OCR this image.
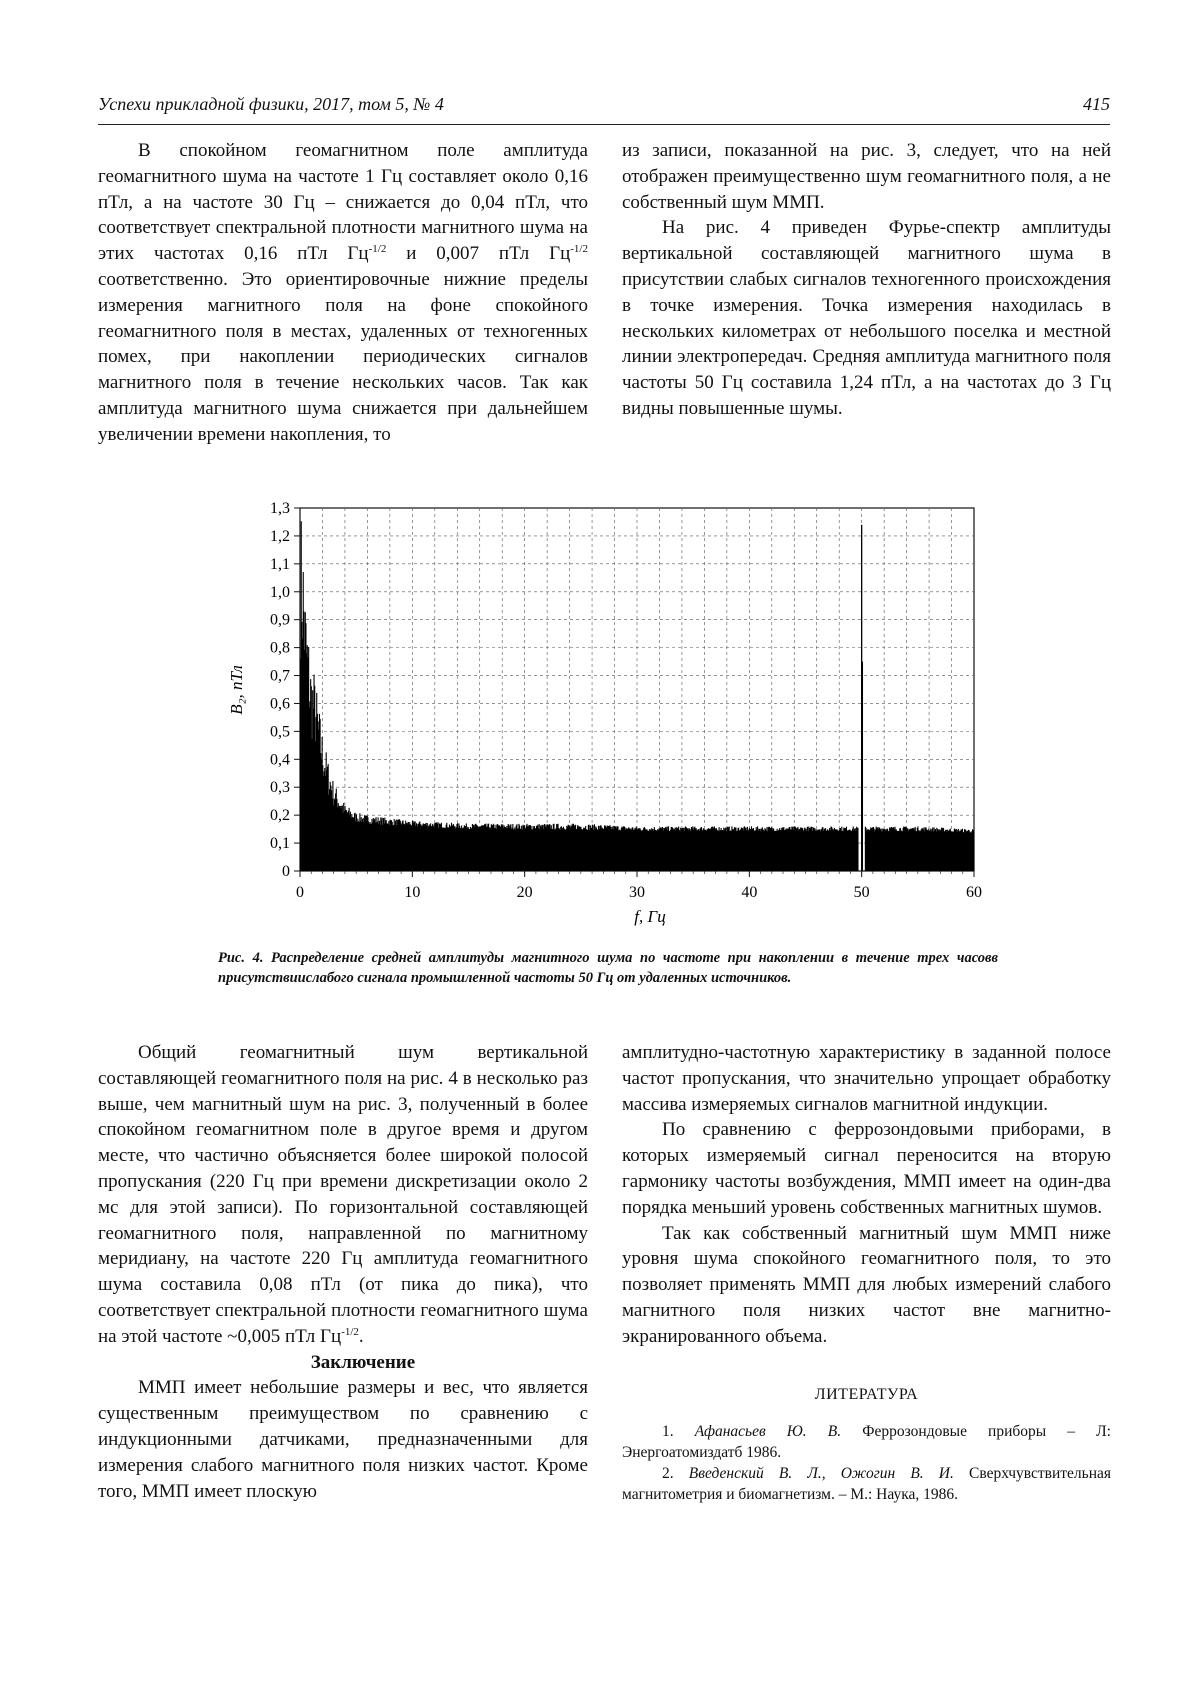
Успехи прикладной физики, 2017, том 5, № 4	415

В спокойном геомагнитном поле амплитуда геомагнитного шума на частоте 1 Гц составляет около 0,16 пТл, а на частоте 30 Гц – снижается до 0,04 пТл, что соответствует спектральной плотности магнитного шума на этих частотах 0,16 пТл $Гц^{-1/2}$ и 0,007 пТл $Гц^{-1/2}$ соответственно. Это ориентировочные нижние пределы измерения магнитного поля на фоне спокойного геомагнитного поля в местах, удаленных от техногенных помех, при накоплении периодических сигналов магнитного поля в течение нескольких часов. Так как амплитуда магнитного шума снижается при дальнейшем увеличении времени накопления, то

из записи, показанной на рис. 3, следует, что на ней отображен преимущественно шум геомагнитного поля, а не собственный шум ММП.

На рис. 4 приведен Фурье-спектр амплитуды вертикальной составляющей магнитного шума в присутствии слабых сигналов техногенного происхождения в точке измерения. Точка измерения находилась в нескольких километрах от небольшого поселка и местной линии электропередач. Средняя амплитуда магнитного поля частоты 50 Гц составила 1,24 пТл, а на частотах до 3 Гц видны повышенные шумы.

0	10	20	30	40	50	60
0
0,1
0,2
0,3
0,4
0,5
0,6
0,7
0,8
0,9
1,0
1,1
1,2
1,3
f, Гц
B₂, пТл
Рис. 4. Распределение средней амплитуды магнитного шума по частоте при накоплении в течение трех часовв присутствиислабого сигнала промышленной частоты 50 Гц от удаленных источников.

Общий геомагнитный шум вертикальной составляющей геомагнитного поля на рис. 4 в несколько раз выше, чем магнитный шум на рис. 3, полученный в более спокойном геомагнитном поле в другое время и другом месте, что частично объясняется более широкой полосой пропускания (220 Гц при времени дискретизации около 2 мс для этой записи). По горизонтальной составляющей геомагнитного поля, направленной по магнитному меридиану, на частоте 220 Гц амплитуда геомагнитного шума составила 0,08 пТл (от пика до пика), что соответствует спектральной плотности геомагнитного шума на этой частоте ~0,005 пТл $Гц^{-1/2}$.

Заключение

ММП имеет небольшие размеры и вес, что является существенным преимуществом по сравнению с индукционными датчиками, предназначенными для измерения слабого магнитного поля низких частот. Кроме того, ММП имеет плоскую

амплитудно-частотную характеристику в заданной полосе частот пропускания, что значительно упрощает обработку массива измеряемых сигналов магнитной индукции.

По сравнению с феррозондовыми приборами, в которых измеряемый сигнал переносится на вторую гармонику частоты возбуждения, ММП имеет на один-два порядка меньший уровень собственных магнитных шумов.

Так как собственный магнитный шум ММП ниже уровня шума спокойного геомагнитного поля, то это позволяет применять ММП для любых измерений слабого магнитного поля низких частот вне магнитно-экранированного объема.

ЛИТЕРАТУРА

1. Афанасьев Ю. В. Феррозондовые приборы – Л: Энергоатомиздатб 1986.

2. Введенский В. Л., Ожогин В. И. Сверхчувствительная магнитометрия и биомагнетизм. – М.: Наука, 1986.
